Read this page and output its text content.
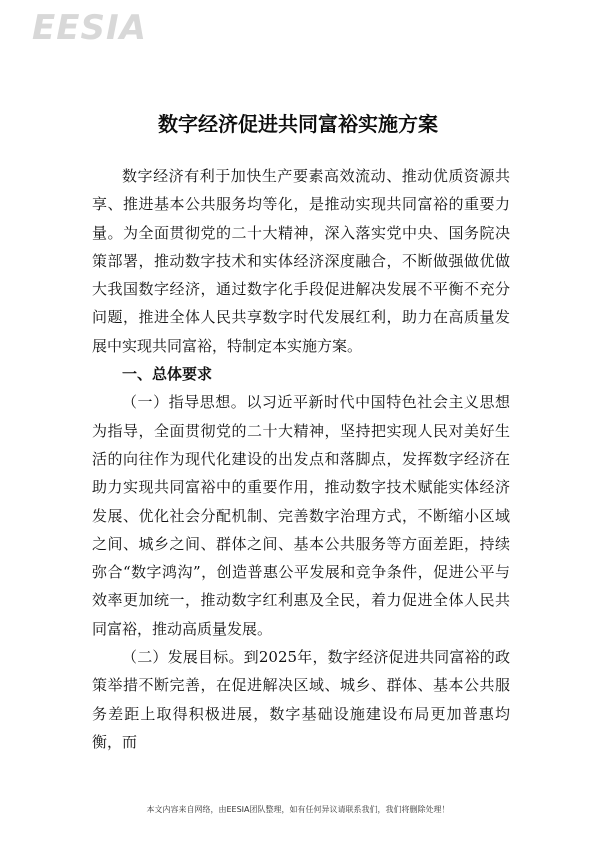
EESIA
数字经济促进共同富裕实施方案

数字经济有利于加快生产要素高效流动、推动优质资源共享、推进基本公共服务均等化，是推动实现共同富裕的重要力量。为全面贯彻党的二十大精神，深入落实党中央、国务院决策部署，推动数字技术和实体经济深度融合，不断做强做优做大我国数字经济，通过数字化手段促进解决发展不平衡不充分问题，推进全体人民共享数字时代发展红利，助力在高质量发展中实现共同富裕，特制定本实施方案。

一、总体要求

（一）指导思想。以习近平新时代中国特色社会主义思想为指导，全面贯彻党的二十大精神，坚持把实现人民对美好生活的向往作为现代化建设的出发点和落脚点，发挥数字经济在助力实现共同富裕中的重要作用，推动数字技术赋能实体经济发展、优化社会分配机制、完善数字治理方式，不断缩小区域之间、城乡之间、群体之间、基本公共服务等方面差距，持续弥合“数字鸿沟”，创造普惠公平发展和竞争条件，促进公平与效率更加统一，推动数字红利惠及全民，着力促进全体人民共同富裕，推动高质量发展。

（二）发展目标。到2025年，数字经济促进共同富裕的政策举措不断完善，在促进解决区域、城乡、群体、基本公共服务差距上取得积极进展，数字基础设施建设布局更加普惠均衡，而

本文内容来自网络，由EESIA团队整理，如有任何异议请联系我们，我们将删除处理！
